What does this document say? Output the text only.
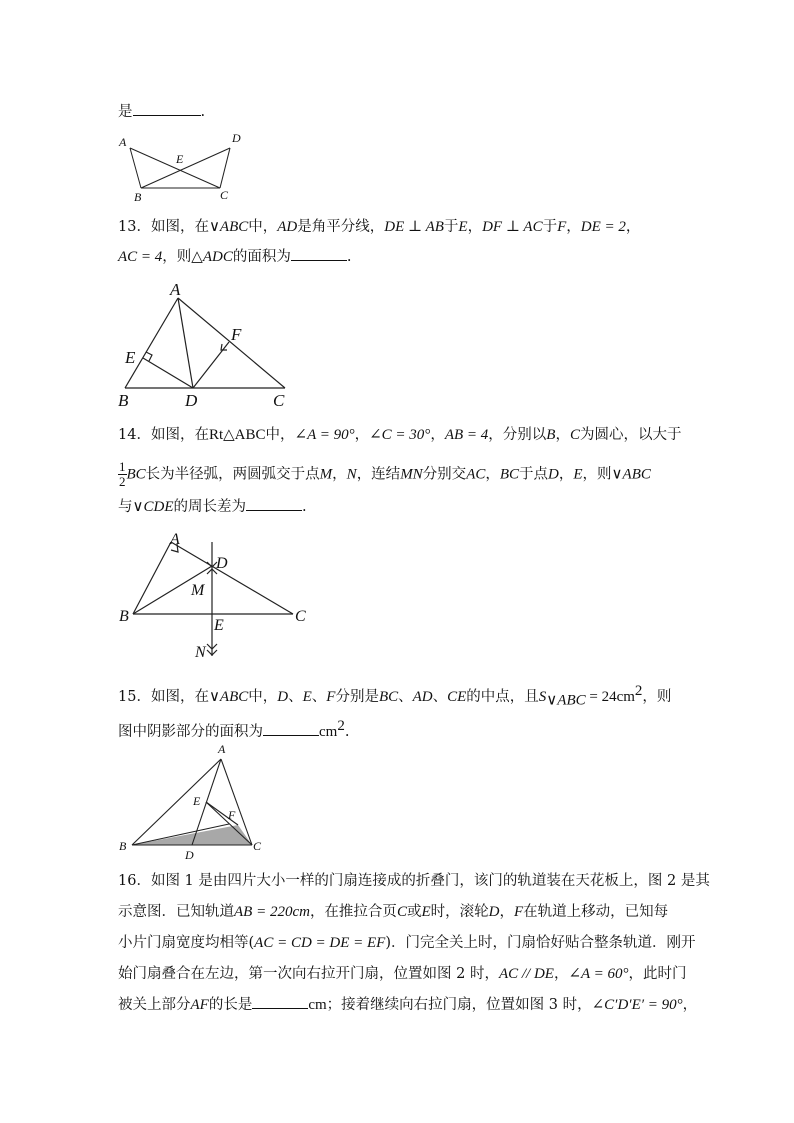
是	.
A	D
E
B	C
13．如图，在∨ABC中，AD是角平分线，DE ⊥ AB于E，DF ⊥ AC于F，DE = 2，
AC = 4，则△ADC的面积为	.
A
E
F
B	D	C
14．如图，在Rt△ABC中，∠A = 90°，∠C = 30°，AB = 4，分别以B，C为圆心，以大于
$\frac{1}{2}$ BC长为半径弧，两圆弧交于点M，N，连结MN分别交AC，BC于点D，E，则∨ABC
与∨CDE的周长差为	.
A
D
M
B	C
E
N
15．如图，在∨ABC中，D、E、F分别是BC、AD、CE的中点，且$S_{\vee ABC} = 24cm^2$，则
图中阴影部分的面积为	$cm^2$.
A
E
F
B
D
C
16．如图 1 是由四片大小一样的门扇连接成的折叠门，该门的轨道装在天花板上，图 2 是其
示意图．已知轨道AB = 220cm，在推拉合页C或E时，滚轮D，F在轨道上移动，已知每
小片门扇宽度均相等(AC = CD = DE = EF)．门完全关上时，门扇恰好贴合整条轨道．刚开
始门扇叠合在左边，第一次向右拉开门扇，位置如图 2 时，AC // DE，∠A = 60°，此时门
被关上部分AF的长是	cm；接着继续向右拉门扇，位置如图 3 时，∠C′D′E′ = 90°，
